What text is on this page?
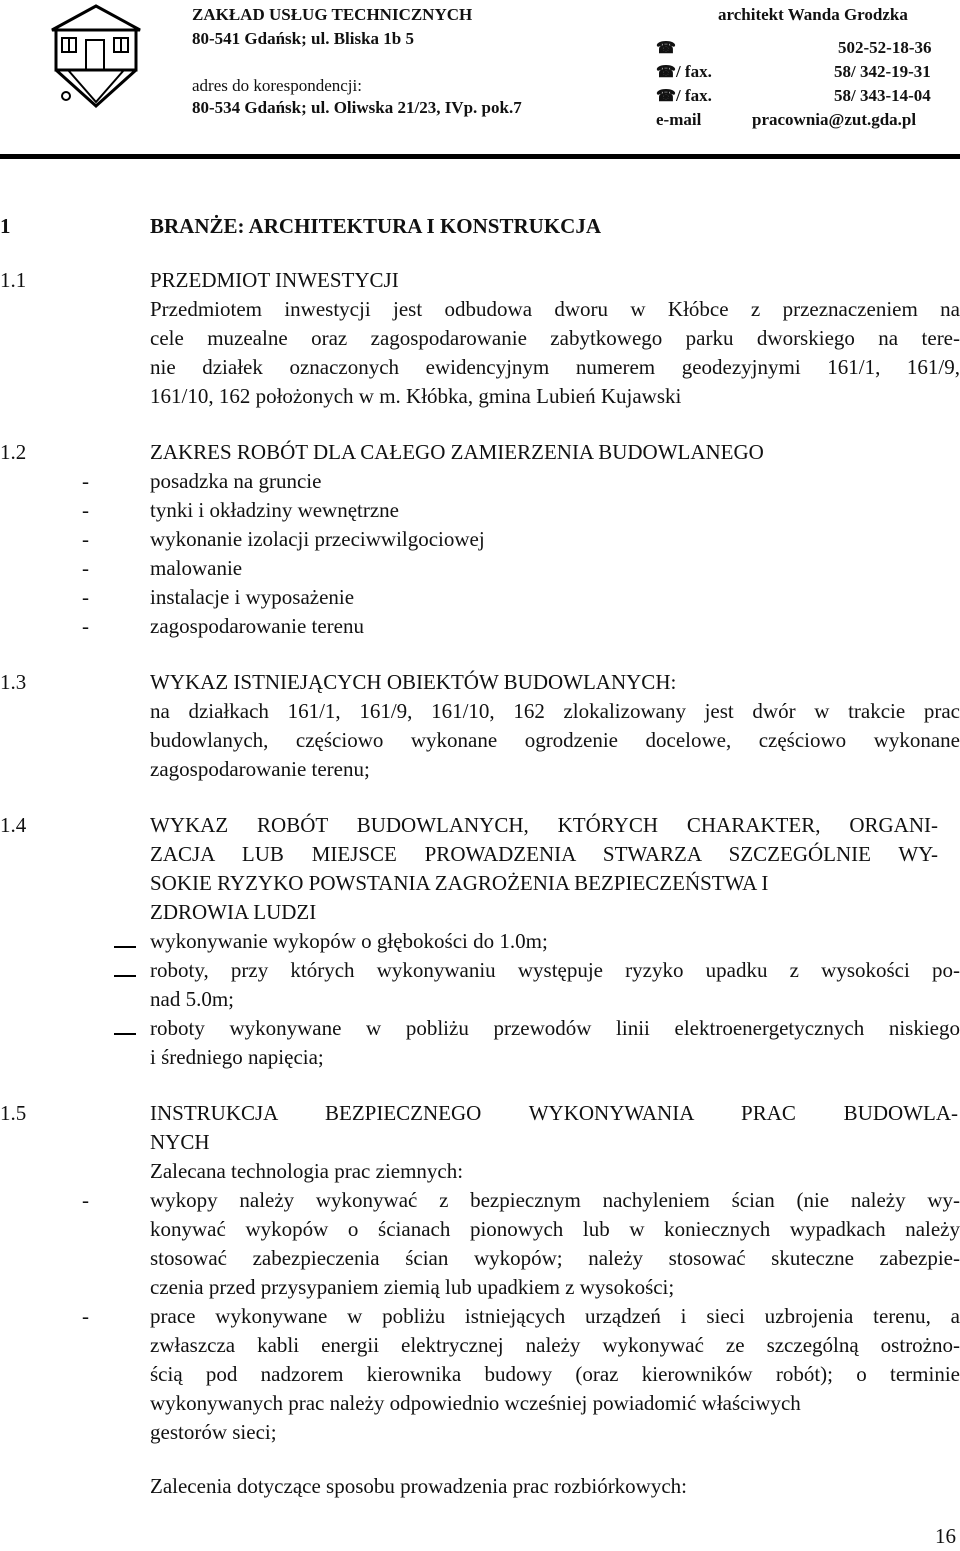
ZAKŁAD USŁUG TECHNICZNYCH
80-541 Gdańsk; ul. Bliska 1b 5
adres do korespondencji:
80-534 Gdańsk; ul. Oliwska 21/23, IVp. pok.7
architekt Wanda Grodzka
☎	502-52-18-36
☎/ fax.	58/ 342-19-31
☎/ fax.	58/ 343-14-04
e-mail	pracownia@zut.gda.pl
1	BRANŻE: ARCHITEKTURA I KONSTRUKCJA
1.1	PRZEDMIOT INWESTYCJI
Przedmiotem inwestycji jest odbudowa dworu w Kłóbce z przeznaczeniem na
cele muzealne oraz zagospodarowanie zabytkowego parku dworskiego na tere-
nie działek oznaczonych ewidencyjnym numerem geodezyjnymi 161/1, 161/9,
161/10, 162 położonych w m. Kłóbka, gmina Lubień Kujawski
1.2	ZAKRES ROBÓT DLA CAŁEGO ZAMIERZENIA BUDOWLANEGO
-	posadzka na gruncie
-	tynki i okładziny wewnętrzne
-	wykonanie izolacji przeciwwilgociowej
-	malowanie
-	instalacje i wyposażenie
-	zagospodarowanie terenu
1.3	WYKAZ ISTNIEJĄCYCH OBIEKTÓW BUDOWLANYCH:
na działkach 161/1, 161/9, 161/10, 162 zlokalizowany jest dwór w trakcie prac
budowlanych, częściowo wykonane ogrodzenie docelowe, częściowo wykonane
zagospodarowanie terenu;
1.4	WYKAZ ROBÓT BUDOWLANYCH, KTÓRYCH CHARAKTER, ORGANI-
ZACJA LUB MIEJSCE PROWADZENIA STWARZA SZCZEGÓLNIE WY-
SOKIE RYZYKO POWSTANIA ZAGROŻENIA BEZPIECZEŃSTWA I
ZDROWIA LUDZI
wykonywanie wykopów o głębokości do 1.0m;
roboty, przy których wykonywaniu występuje ryzyko upadku z wysokości po-
nad 5.0m;
roboty wykonywane w pobliżu przewodów linii elektroenergetycznych niskiego
i średniego napięcia;
1.5	INSTRUKCJA BEZPIECZNEGO WYKONYWANIA PRAC BUDOWLA-
NYCH
Zalecana technologia prac ziemnych:
-	wykopy należy wykonywać z bezpiecznym nachyleniem ścian (nie należy wy-
konywać wykopów o ścianach pionowych lub w koniecznych wypadkach należy
stosować zabezpieczenia ścian wykopów; należy stosować skuteczne zabezpie-
czenia przed przysypaniem ziemią lub upadkiem z wysokości;
-	prace wykonywane w pobliżu istniejących urządzeń i sieci uzbrojenia terenu, a
zwłaszcza kabli energii elektrycznej należy wykonywać ze szczególną ostrożno-
ścią pod nadzorem kierownika budowy (oraz kierowników robót); o terminie
wykonywanych prac należy odpowiednio wcześniej powiadomić właściwych
gestorów sieci;
Zalecenia dotyczące sposobu prowadzenia prac rozbiórkowych:
16
